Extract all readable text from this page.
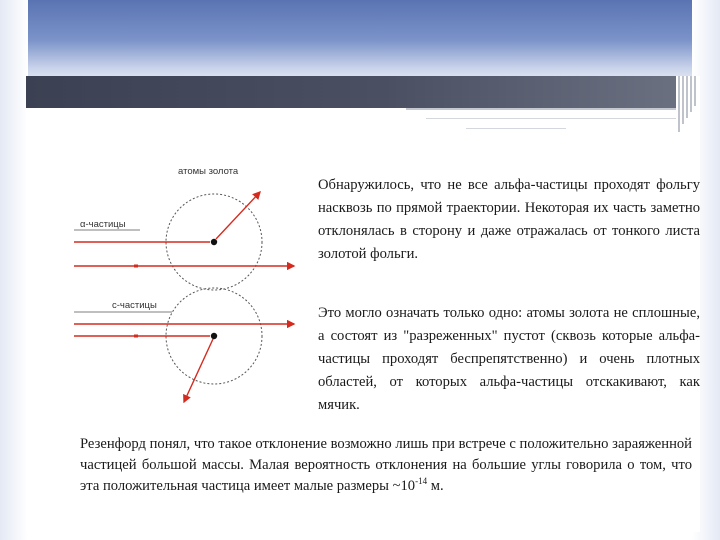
атомы золота
α-частицы
с-частицы

Обнаружилось, что не все альфа-частицы проходят фольгу насквозь по прямой траектории. Некоторая их часть заметно отклонялась в сторону и даже отражалась от тонкого листа золотой фольги.

Это могло означать только одно: атомы золота не сплошные, а состоят из "разреженных" пустот (сквозь которые альфа-частицы проходят беспрепятственно) и очень плотных областей, от которых альфа-частицы отскакивают, как мячик.

Резенфорд понял, что такое отклонение возможно лишь при встрече с положительно зараяженной частицей большой массы. Малая вероятность отклонения на большие углы говорила о том, что эта положительная частица имеет малые размеры $\sim 10^{-14}$ м.
